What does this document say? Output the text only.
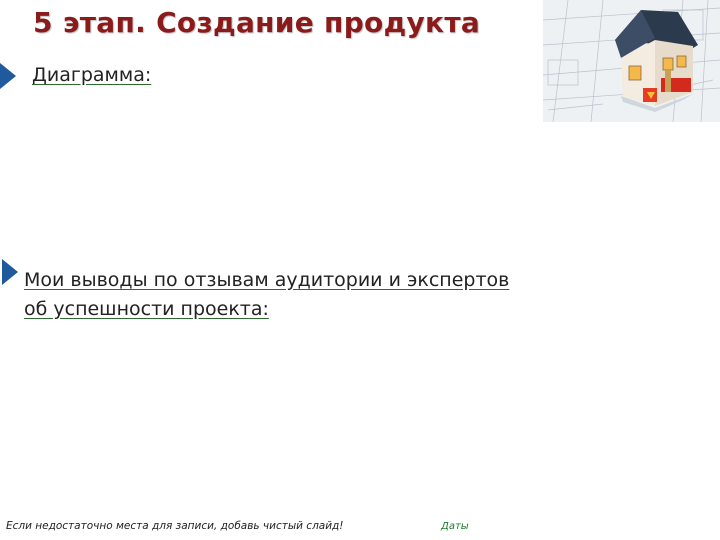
5 этап. Создание продукта
Диаграмма:
Мои выводы по отзывам аудитории и экспертов
об успешности проекта:
Если недостаточно места для записи, добавь чистый слайд!	Даты
